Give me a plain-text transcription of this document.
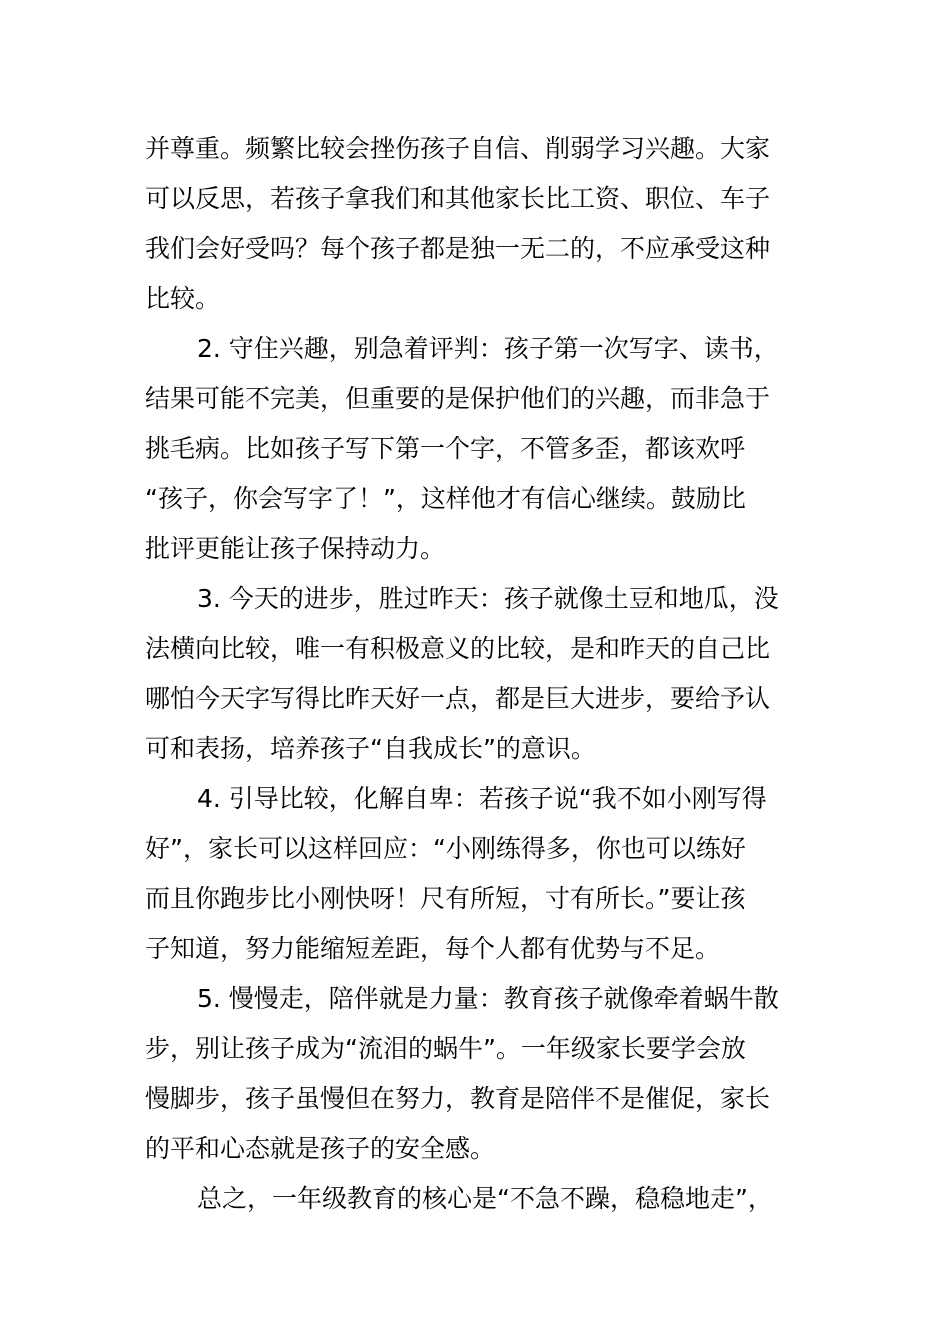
并尊重。频繁比较会挫伤孩子自信、削弱学习兴趣。大家
可以反思，若孩子拿我们和其他家长比工资、职位、车子
我们会好受吗？每个孩子都是独一无二的，不应承受这种
比较。
2. 守住兴趣，别急着评判：孩子第一次写字、读书，
结果可能不完美，但重要的是保护他们的兴趣，而非急于
挑毛病。比如孩子写下第一个字，不管多歪，都该欢呼
“孩子，你会写字了！”，这样他才有信心继续。鼓励比
批评更能让孩子保持动力。
3. 今天的进步，胜过昨天：孩子就像土豆和地瓜，没
法横向比较，唯一有积极意义的比较，是和昨天的自己比
哪怕今天字写得比昨天好一点，都是巨大进步，要给予认
可和表扬，培养孩子“自我成长”的意识。
4. 引导比较，化解自卑：若孩子说“我不如小刚写得
好”，家长可以这样回应：“小刚练得多，你也可以练好
而且你跑步比小刚快呀！尺有所短，寸有所长。”要让孩
子知道，努力能缩短差距，每个人都有优势与不足。
5. 慢慢走，陪伴就是力量：教育孩子就像牵着蜗牛散
步，别让孩子成为“流泪的蜗牛”。一年级家长要学会放
慢脚步，孩子虽慢但在努力，教育是陪伴不是催促，家长
的平和心态就是孩子的安全感。
总之，一年级教育的核心是“不急不躁，稳稳地走”，
